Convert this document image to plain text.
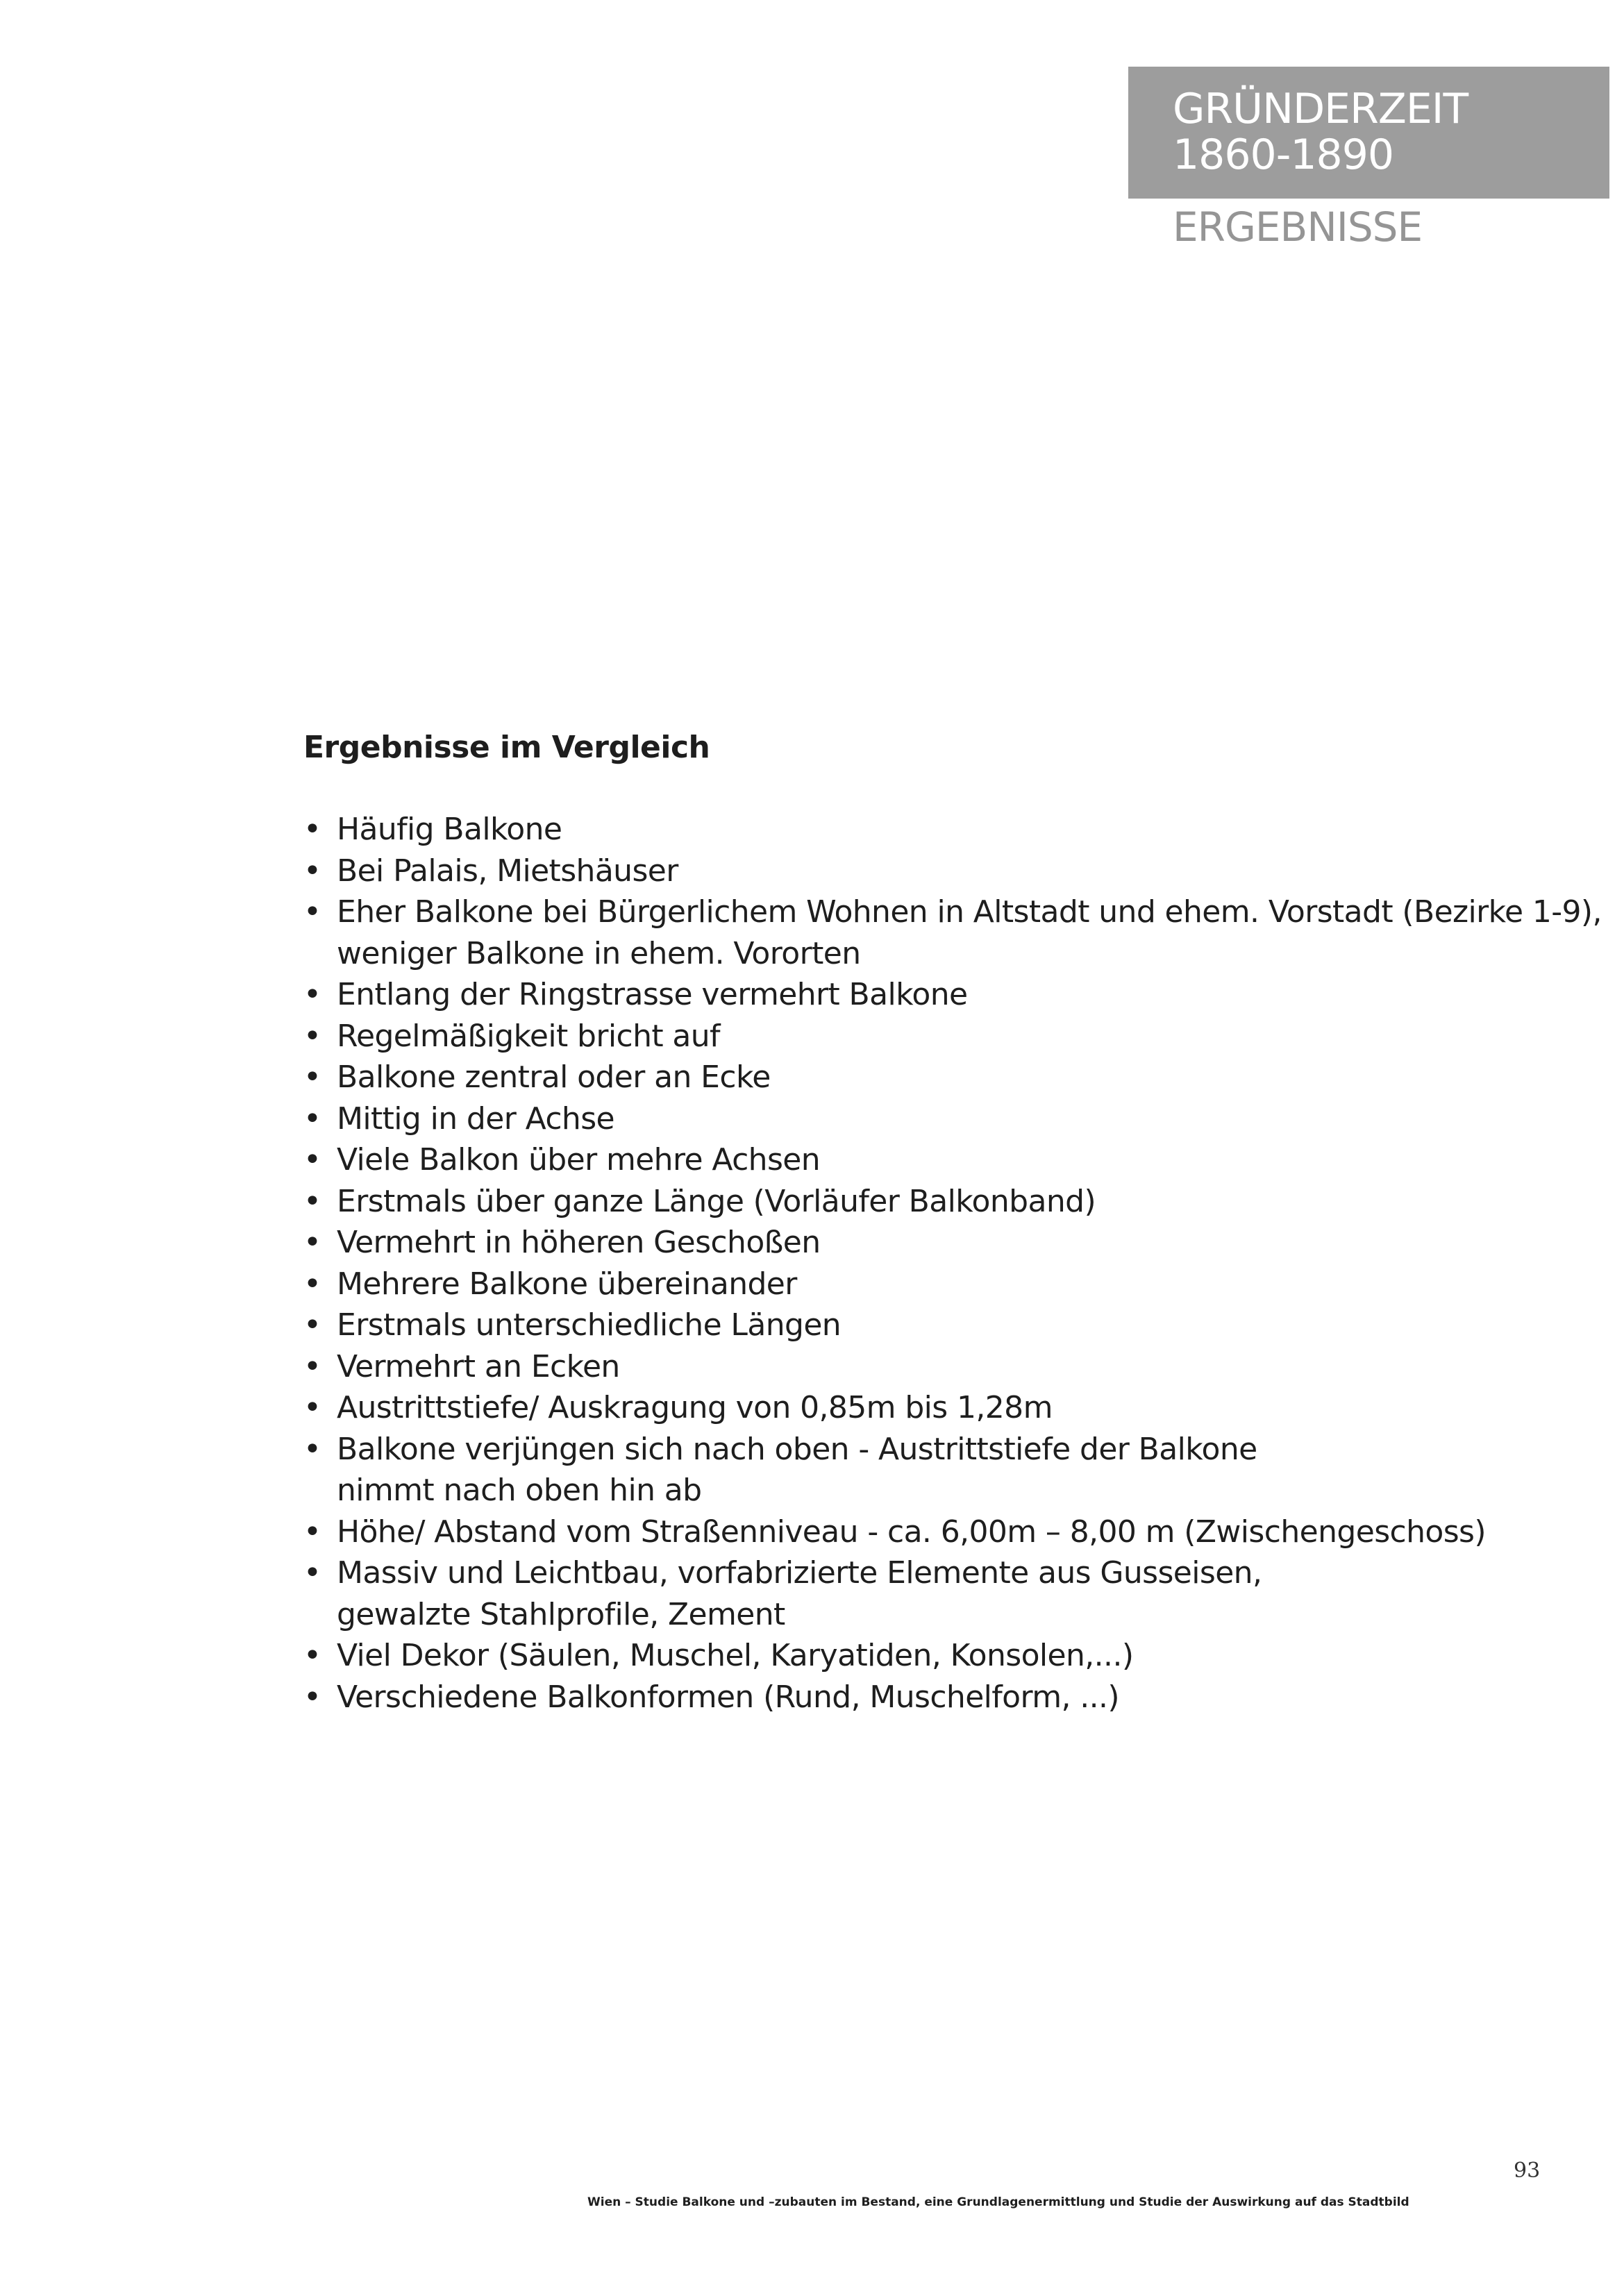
GRÜNDERZEIT
1860-1890
ERGEBNISSE
Ergebnisse im Vergleich
• Häufig Balkone
• Bei Palais, Mietshäuser
• Eher Balkone bei Bürgerlichem Wohnen in Altstadt und ehem. Vorstadt (Bezirke 1-9),
weniger Balkone in ehem. Vororten
• Entlang der Ringstrasse vermehrt Balkone
• Regelmäßigkeit bricht auf
• Balkone zentral oder an Ecke
• Mittig in der Achse
• Viele Balkon über mehre Achsen
• Erstmals über ganze Länge (Vorläufer Balkonband)
• Vermehrt in höheren Geschoßen
• Mehrere Balkone übereinander
• Erstmals unterschiedliche Längen
• Vermehrt an Ecken
• Austrittstiefe/ Auskragung von 0,85m bis 1,28m
• Balkone verjüngen sich nach oben - Austrittstiefe der Balkone
nimmt nach oben hin ab
• Höhe/ Abstand vom Straßenniveau - ca. 6,00m – 8,00 m (Zwischengeschoss)
• Massiv und Leichtbau, vorfabrizierte Elemente aus Gusseisen,
gewalzte Stahlprofile, Zement
• Viel Dekor (Säulen, Muschel, Karyatiden, Konsolen,...)
• Verschiedene Balkonformen (Rund, Muschelform, ...)
93
Wien – Studie Balkone und –zubauten im Bestand, eine Grundlagenermittlung und Studie der Auswirkung auf das Stadtbild
